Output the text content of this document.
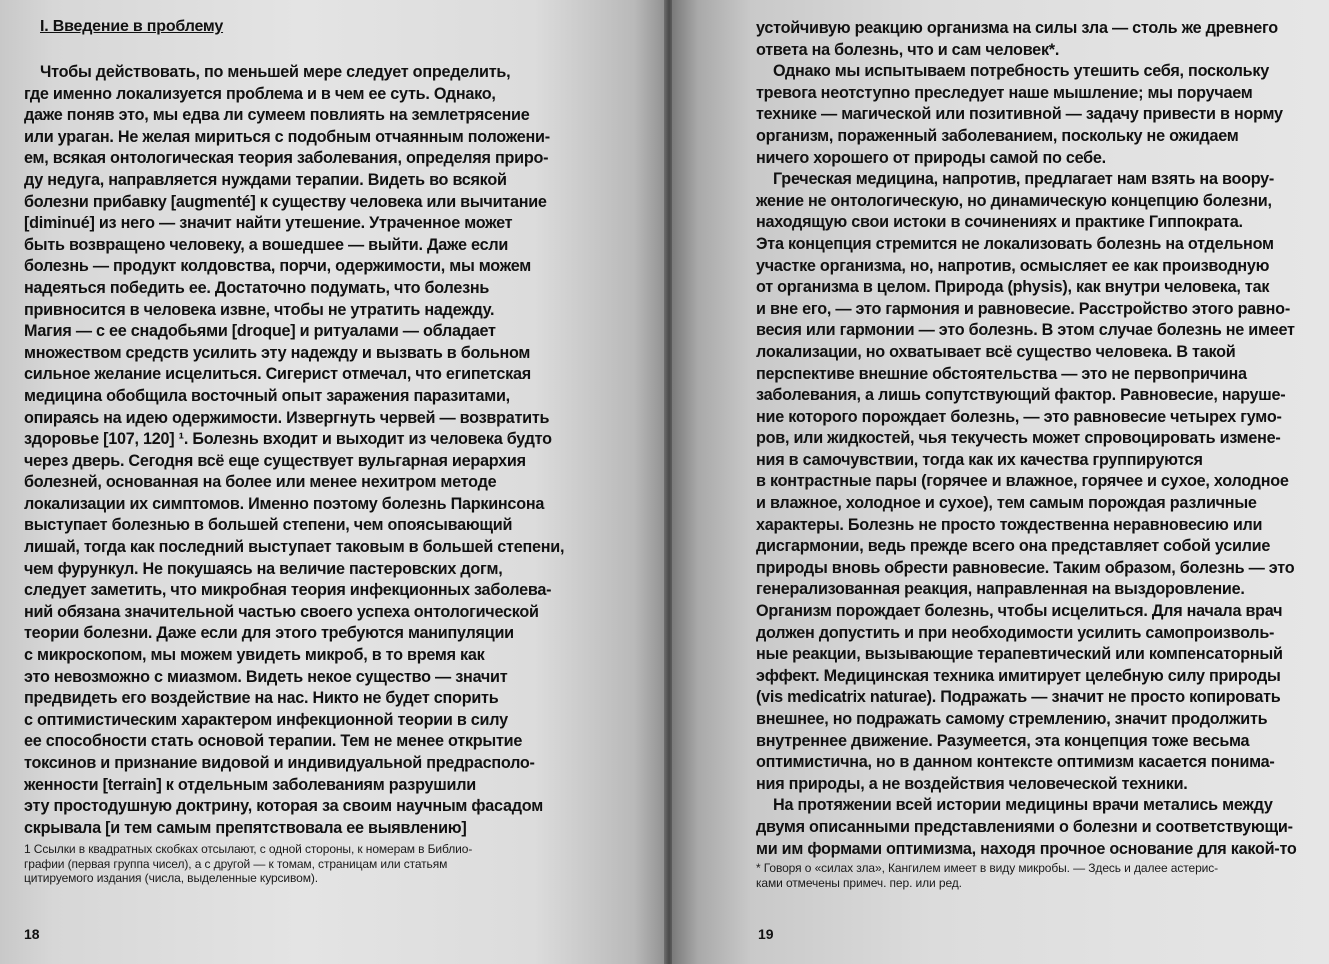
I. Введение в проблему
Чтобы действовать, по меньшей мере следует определить,
где именно локализуется проблема и в чем ее суть. Однако,
даже поняв это, мы едва ли сумеем повлиять на землетрясение
или ураган. Не желая мириться с подобным отчаянным положени-
ем, всякая онтологическая теория заболевания, определяя приро-
ду недуга, направляется нуждами терапии. Видеть во всякой
болезни прибавку [augmenté] к существу человека или вычитание
[diminué] из него — значит найти утешение. Утраченное может
быть возвращено человеку, а вошедшее — выйти. Даже если
болезнь — продукт колдовства, порчи, одержимости, мы можем
надеяться победить ее. Достаточно подумать, что болезнь
привносится в человека извне, чтобы не утратить надежду.
Магия — с ее снадобьями [droque] и ритуалами — обладает
множеством средств усилить эту надежду и вызвать в больном
сильное желание исцелиться. Сигерист отмечал, что египетская
медицина обобщила восточный опыт заражения паразитами,
опираясь на идею одержимости. Извергнуть червей — возвратить
здоровье [107, 120] ¹. Болезнь входит и выходит из человека будто
через дверь. Сегодня всё еще существует вульгарная иерархия
болезней, основанная на более или менее нехитром методе
локализации их симптомов. Именно поэтому болезнь Паркинсона
выступает болезнью в большей степени, чем опоясывающий
лишай, тогда как последний выступает таковым в большей степени,
чем фурункул. Не покушаясь на величие пастеровских догм,
следует заметить, что микробная теория инфекционных заболева-
ний обязана значительной частью своего успеха онтологической
теории болезни. Даже если для этого требуются манипуляции
с микроскопом, мы можем увидеть микроб, в то время как
это невозможно с миазмом. Видеть некое существо — значит
предвидеть его воздействие на нас. Никто не будет спорить
с оптимистическим характером инфекционной теории в силу
ее способности стать основой терапии. Тем не менее открытие
токсинов и признание видовой и индивидуальной предрасполо-
женности [terrain] к отдельным заболеваниям разрушили
эту простодушную доктрину, которая за своим научным фасадом
скрывала [и тем самым препятствовала ее выявлению]
1 Ссылки в квадратных скобках отсылают, с одной стороны, к номерам в Библио-
графии (первая группа чисел), а с другой — к томам, страницам или статьям
цитируемого издания (числа, выделенные курсивом).

18

устойчивую реакцию организма на силы зла — столь же древнего
ответа на болезнь, что и сам человек*.
Однако мы испытываем потребность утешить себя, поскольку
тревога неотступно преследует наше мышление; мы поручаем
технике — магической или позитивной — задачу привести в норму
организм, пораженный заболеванием, поскольку не ожидаем
ничего хорошего от природы самой по себе.
Греческая медицина, напротив, предлагает нам взять на воору-
жение не онтологическую, но динамическую концепцию болезни,
находящую свои истоки в сочинениях и практике Гиппократа.
Эта концепция стремится не локализовать болезнь на отдельном
участке организма, но, напротив, осмысляет ее как производную
от организма в целом. Природа (physis), как внутри человека, так
и вне его, — это гармония и равновесие. Расстройство этого равно-
весия или гармонии — это болезнь. В этом случае болезнь не имеет
локализации, но охватывает всё существо человека. В такой
перспективе внешние обстоятельства — это не первопричина
заболевания, а лишь сопутствующий фактор. Равновесие, наруше-
ние которого порождает болезнь, — это равновесие четырех гумо-
ров, или жидкостей, чья текучесть может спровоцировать измене-
ния в самочувствии, тогда как их качества группируются
в контрастные пары (горячее и влажное, горячее и сухое, холодное
и влажное, холодное и сухое), тем самым порождая различные
характеры. Болезнь не просто тождественна неравновесию или
дисгармонии, ведь прежде всего она представляет собой усилие
природы вновь обрести равновесие. Таким образом, болезнь — это
генерализованная реакция, направленная на выздоровление.
Организм порождает болезнь, чтобы исцелиться. Для начала врач
должен допустить и при необходимости усилить самопроизволь-
ные реакции, вызывающие терапевтический или компенсаторный
эффект. Медицинская техника имитирует целебную силу природы
(vis medicatrix naturae). Подражать — значит не просто копировать
внешнее, но подражать самому стремлению, значит продолжить
внутреннее движение. Разумеется, эта концепция тоже весьма
оптимистична, но в данном контексте оптимизм касается понима-
ния природы, а не воздействия человеческой техники.
На протяжении всей истории медицины врачи метались между
двумя описанными представлениями о болезни и соответствующи-
ми им формами оптимизма, находя прочное основание для какой-то
* Говоря о «силах зла», Кангилем имеет в виду микробы. — Здесь и далее астерис-
ками отмечены примеч. пер. или ред.

19
